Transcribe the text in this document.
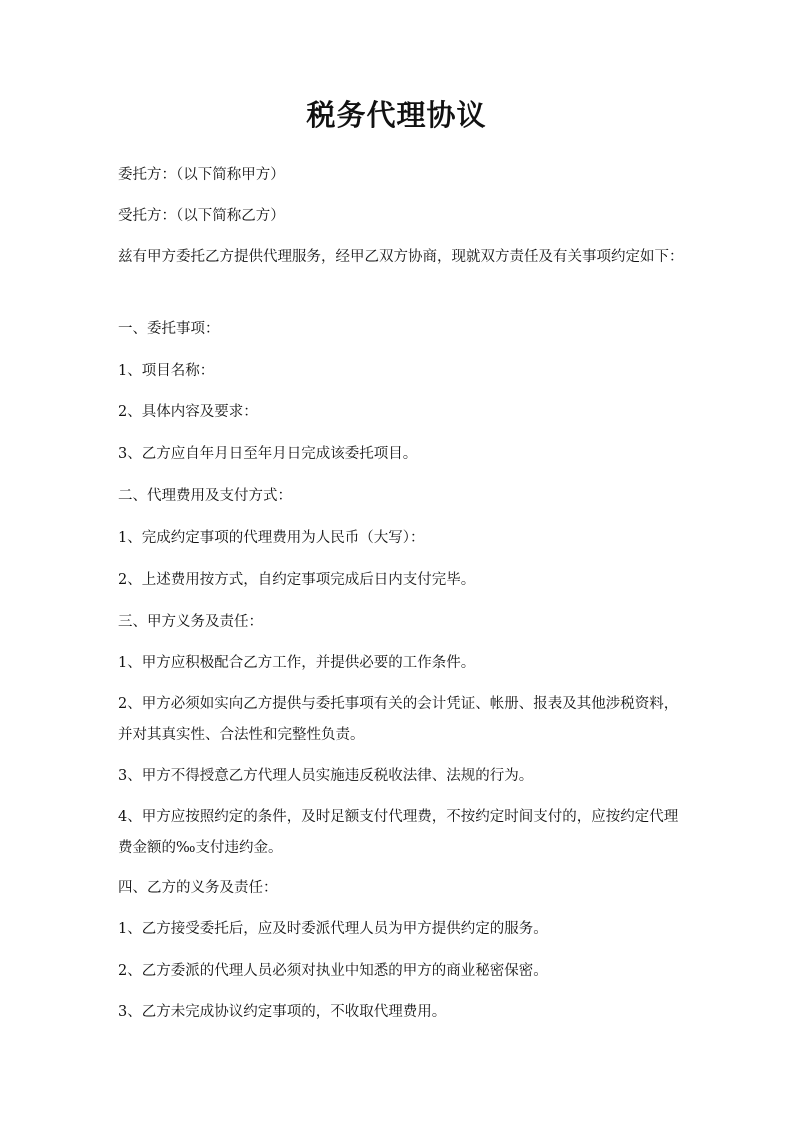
税务代理协议

委托方：（以下简称甲方）

受托方：（以下简称乙方）

兹有甲方委托乙方提供代理服务，经甲乙双方协商，现就双方责任及有关事项约定如下：

一、委托事项：

1、项目名称：

2、具体内容及要求：

3、乙方应自年月日至年月日完成该委托项目。

二、代理费用及支付方式：

1、完成约定事项的代理费用为人民币（大写）：

2、上述费用按方式，自约定事项完成后日内支付完毕。

三、甲方义务及责任：

1、甲方应积极配合乙方工作，并提供必要的工作条件。

2、甲方必须如实向乙方提供与委托事项有关的会计凭证、帐册、报表及其他涉税资料，并对其真实性、合法性和完整性负责。

3、甲方不得授意乙方代理人员实施违反税收法律、法规的行为。

4、甲方应按照约定的条件，及时足额支付代理费，不按约定时间支付的，应按约定代理费金额的‰支付违约金。

四、乙方的义务及责任：

1、乙方接受委托后，应及时委派代理人员为甲方提供约定的服务。

2、乙方委派的代理人员必须对执业中知悉的甲方的商业秘密保密。

3、乙方未完成协议约定事项的，不收取代理费用。
